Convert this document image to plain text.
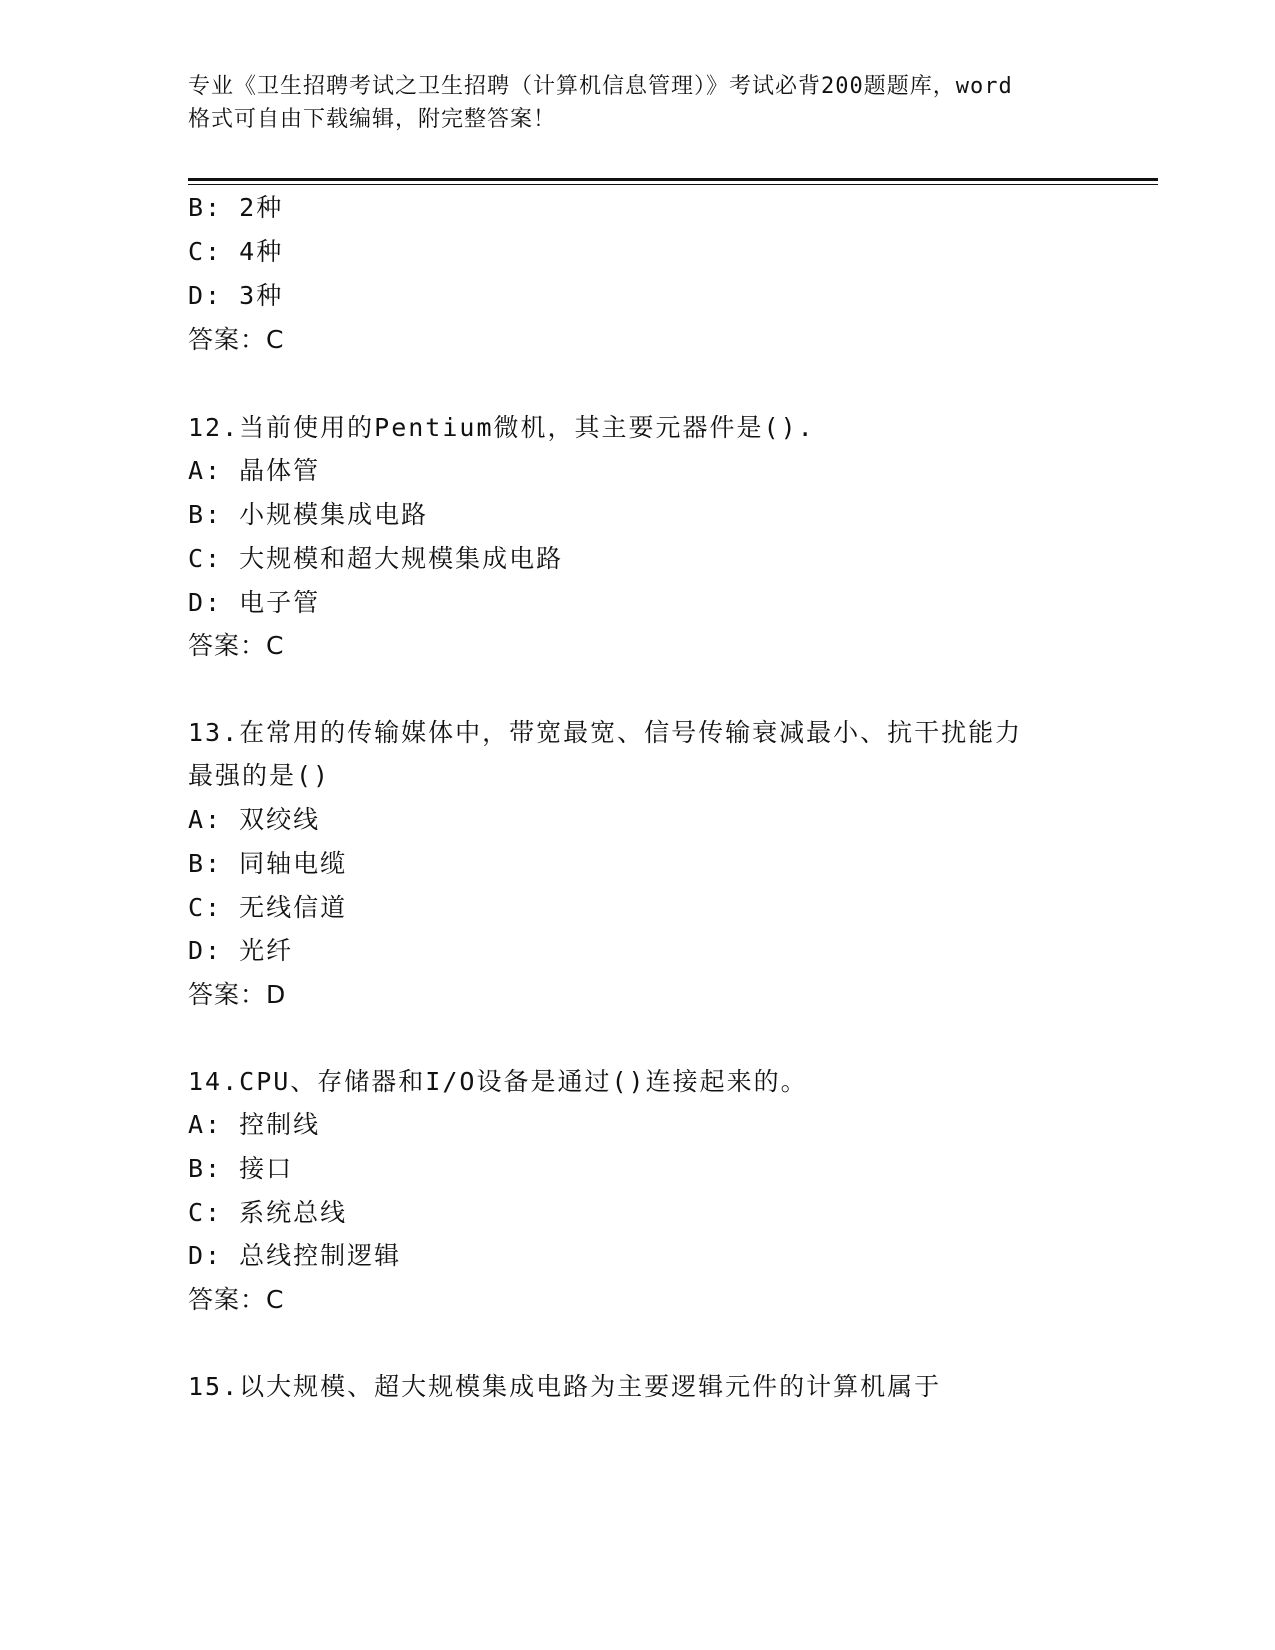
专业《卫生招聘考试之卫生招聘（计算机信息管理）》考试必背200题题库，word
格式可自由下载编辑，附完整答案！

B: 2种

C: 4种

D: 3种

答案：C

12.当前使用的Pentium微机，其主要元器件是().

A: 晶体管

B: 小规模集成电路

C: 大规模和超大规模集成电路

D: 电子管

答案：C

13.在常用的传输媒体中，带宽最宽、信号传输衰减最小、抗干扰能力

最强的是()

A: 双绞线

B: 同轴电缆

C: 无线信道

D: 光纤

答案：D

14.CPU、存储器和I/O设备是通过()连接起来的。

A: 控制线

B: 接口

C: 系统总线

D: 总线控制逻辑

答案：C

15.以大规模、超大规模集成电路为主要逻辑元件的计算机属于
